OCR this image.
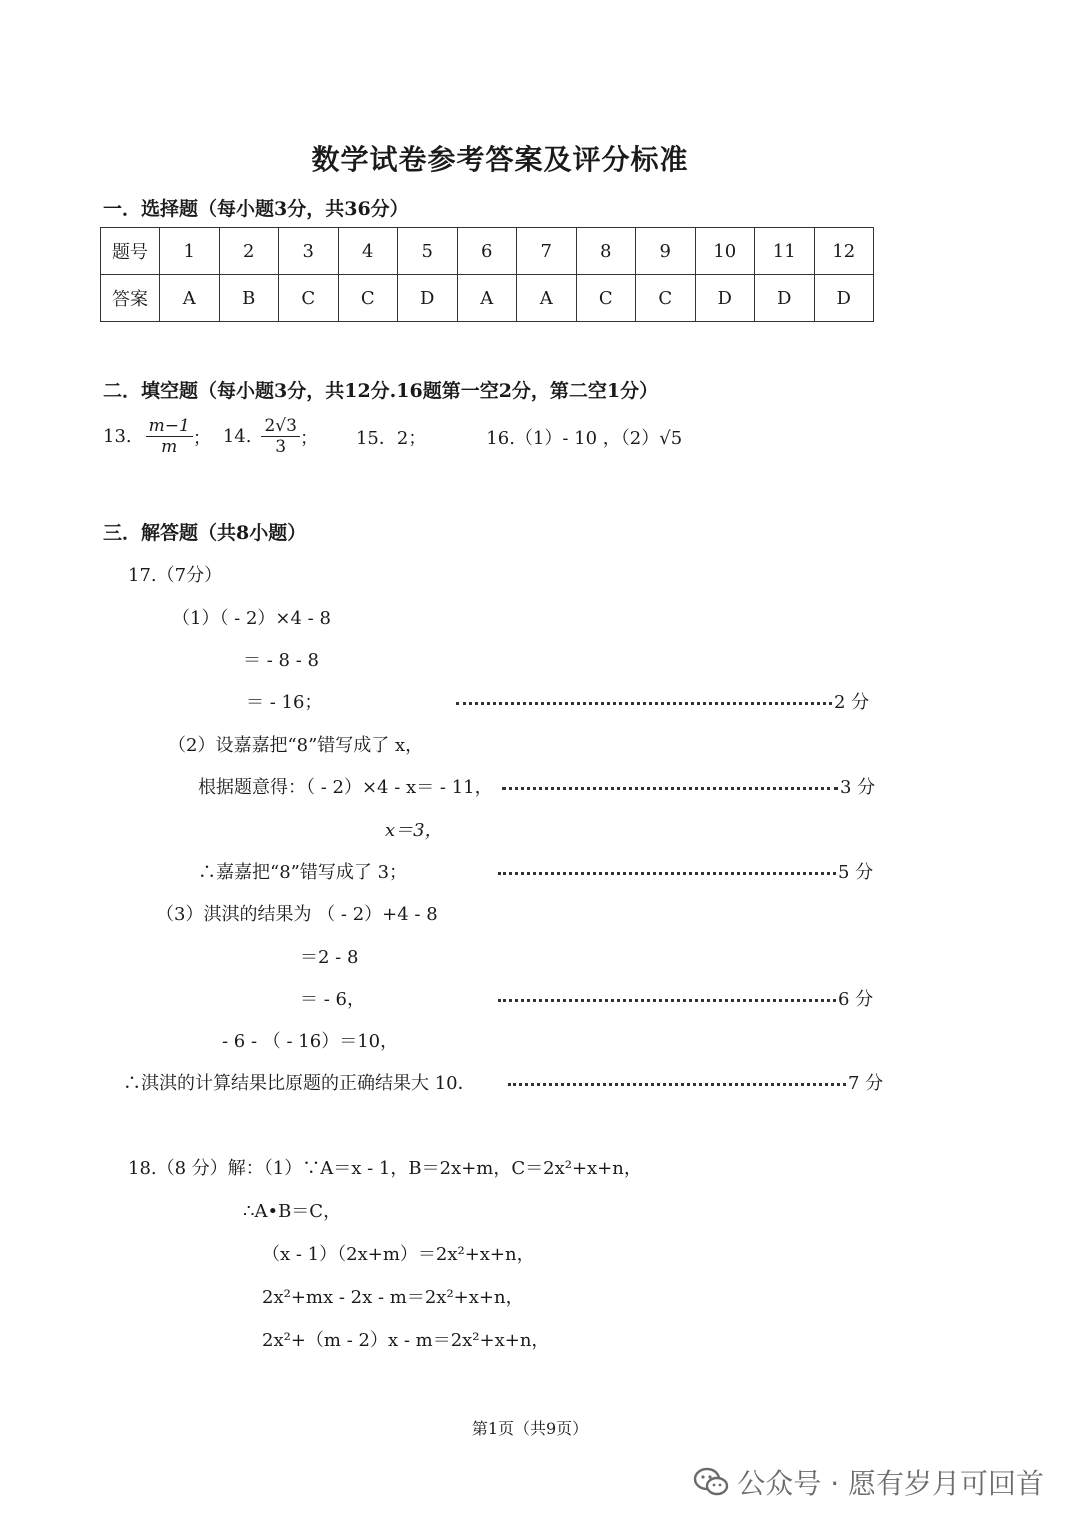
数学试卷参考答案及评分标准
一．选择题（每小题3分，共36分）
题号	1	2	3	4	5	6	7	8	9	10	11	12
答案	A	B	C	C	D	A	A	C	C	D	D	D
二．填空题（每小题3分，共12分.16题第一空2分，第二空1分）
13. $\frac{m-1}{m}$ ； 14. $\frac{2√3}{3}$ ； 15．2；	16.（1）- 10 ，（2）√5
三．解答题（共8小题）
17.（7分）
（1）（ - 2）×4 - 8
＝ - 8 - 8
＝ - 16；	2 分
（2）设嘉嘉把“8”错写成了 x，
根据题意得：（ - 2）×4 - x＝ - 11，	3 分
x＝3，
∴嘉嘉把“8”错写成了 3；	5 分
（3）淇淇的结果为 （ - 2）+4 - 8
＝2 - 8
＝ - 6，	6 分
- 6 - （ - 16）＝10，
∴淇淇的计算结果比原题的正确结果大 10．	7 分
18.（8 分）解：（1）∵A＝x - 1，B＝2x+m，C＝2x²+x+n，
∴A•B＝C，
（x - 1）（2x+m）＝2x²+x+n，
2x²+mx - 2x - m＝2x²+x+n，
2x²+（m - 2）x - m＝2x²+x+n，
第1页（共9页）
公众号 · 愿有岁月可回首
